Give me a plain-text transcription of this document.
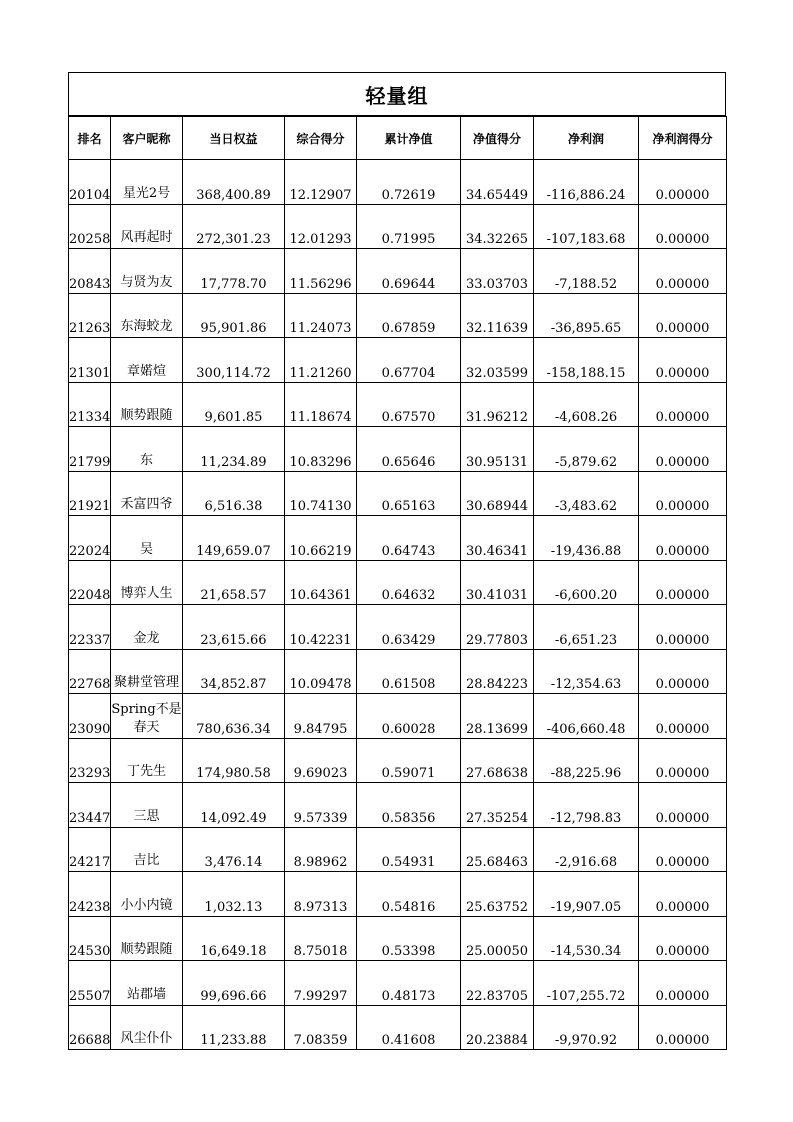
轻量组
排名	客户昵称	当日权益	综合得分	累计净值	净值得分	净利润	净利润得分
20104	星光2号	368,400.89	12.12907	0.72619	34.65449	-116,886.24	0.00000
20258	风再起时	272,301.23	12.01293	0.71995	34.32265	-107,183.68	0.00000
20843	与贤为友	17,778.70	11.56296	0.69644	33.03703	-7,188.52	0.00000
21263	东海蛟龙	95,901.86	11.24073	0.67859	32.11639	-36,895.65	0.00000
21301	章婼煊	300,114.72	11.21260	0.67704	32.03599	-158,188.15	0.00000
21334	顺势跟随	9,601.85	11.18674	0.67570	31.96212	-4,608.26	0.00000
21799	东	11,234.89	10.83296	0.65646	30.95131	-5,879.62	0.00000
21921	禾富四爷	6,516.38	10.74130	0.65163	30.68944	-3,483.62	0.00000
22024	吴	149,659.07	10.66219	0.64743	30.46341	-19,436.88	0.00000
22048	博弈人生	21,658.57	10.64361	0.64632	30.41031	-6,600.20	0.00000
22337	金龙	23,615.66	10.42231	0.63429	29.77803	-6,651.23	0.00000
22768	聚耕堂管理	34,852.87	10.09478	0.61508	28.84223	-12,354.63	0.00000
23090	Spring不是春天	780,636.34	9.84795	0.60028	28.13699	-406,660.48	0.00000
23293	丁先生	174,980.58	9.69023	0.59071	27.68638	-88,225.96	0.00000
23447	三思	14,092.49	9.57339	0.58356	27.35254	-12,798.83	0.00000
24217	吉比	3,476.14	8.98962	0.54931	25.68463	-2,916.68	0.00000
24238	小小内镜	1,032.13	8.97313	0.54816	25.63752	-19,907.05	0.00000
24530	顺势跟随	16,649.18	8.75018	0.53398	25.00050	-14,530.34	0.00000
25507	站郡墙	99,696.66	7.99297	0.48173	22.83705	-107,255.72	0.00000
26688	风尘仆仆	11,233.88	7.08359	0.41608	20.23884	-9,970.92	0.00000
